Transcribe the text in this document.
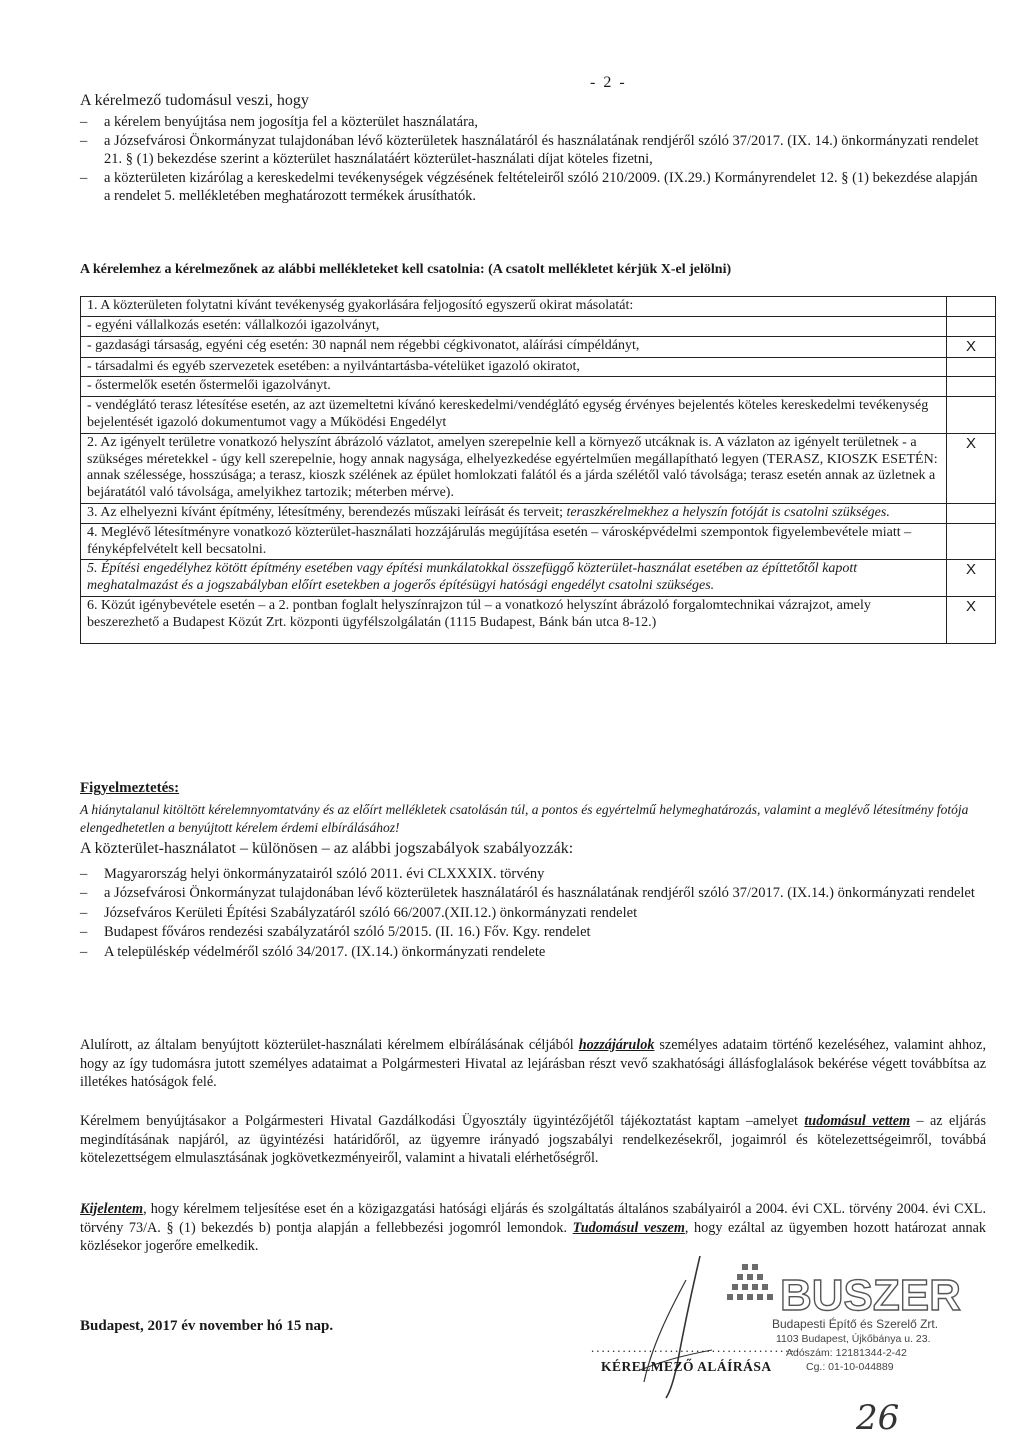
- 2 -
A kérelmező tudomásul veszi, hogy
– a kérelem benyújtása nem jogosítja fel a közterület használatára,
– a Józsefvárosi Önkormányzat tulajdonában lévő közterületek használatáról és használatának rendjéről szóló 37/2017. (IX. 14.) önkormányzati rendelet 21. § (1) bekezdése szerint a közterület használatáért közterület-használati díjat köteles fizetni,
– a közterületen kizárólag a kereskedelmi tevékenységek végzésének feltételeiről szóló 210/2009. (IX.29.) Kormányrendelet 12. § (1) bekezdése alapján a rendelet 5. mellékletében meghatározott termékek árusíthatók.
A kérelemhez a kérelmezőnek az alábbi mellékleteket kell csatolnia: (A csatolt mellékletet kérjük X-el jelölni)
1. A közterületen folytatni kívánt tevékenység gyakorlására feljogosító egyszerű okirat másolatát:	
- egyéni vállalkozás esetén: vállalkozói igazolványt,	
- gazdasági társaság, egyéni cég esetén: 30 napnál nem régebbi cégkivonatot, aláírási címpéldányt,	X
- társadalmi és egyéb szervezetek esetében: a nyilvántartásba-vételüket igazoló okiratot,	
- őstermelők esetén őstermelői igazolványt.	
- vendéglátó terasz létesítése esetén, az azt üzemeltetni kívánó kereskedelmi/vendéglátó egység érvényes bejelentés köteles kereskedelmi tevékenység bejelentését igazoló dokumentumot vagy a Működési Engedélyt	
2. Az igényelt területre vonatkozó helyszínt ábrázoló vázlatot, amelyen szerepelnie kell a környező utcáknak is. A vázlaton az igényelt területnek - a szükséges méretekkel - úgy kell szerepelnie, hogy annak nagysága, elhelyezkedése egyértelműen megállapítható legyen (TERASZ, KIOSZK ESETÉN: annak szélessége, hosszúsága; a terasz, kioszk szélének az épület homlokzati falától és a járda szélétől való távolsága; terasz esetén annak az üzletnek a bejáratától való távolsága, amelyikhez tartozik; méterben mérve).	X
3. Az elhelyezni kívánt építmény, létesítmény, berendezés műszaki leírását és terveit; teraszkérelmekhez a helyszín fotóját is csatolni szükséges.	
4. Meglévő létesítményre vonatkozó közterület-használati hozzájárulás megújítása esetén – városképvédelmi szempontok figyelembevétele miatt – fényképfelvételt kell becsatolni.	
5. Építési engedélyhez kötött építmény esetében vagy építési munkálatokkal összefüggő közterület-használat esetében az építtetőtől kapott meghatalmazást és a jogszabályban előírt esetekben a jogerős építésügyi hatósági engedélyt csatolni szükséges.	X
6. Közút igénybevétele esetén – a 2. pontban foglalt helyszínrajzon túl – a vonatkozó helyszínt ábrázoló forgalomtechnikai vázrajzot, amely beszerezhető a Budapest Közút Zrt. központi ügyfélszolgálatán (1115 Budapest, Bánk bán utca 8-12.)	X
Figyelmeztetés:
A hiánytalanul kitöltött kérelemnyomtatvány és az előírt mellékletek csatolásán túl, a pontos és egyértelmű helymeghatározás, valamint a meglévő létesítmény fotója elengedhetetlen a benyújtott kérelem érdemi elbírálásához!
A közterület-használatot – különösen – az alábbi jogszabályok szabályozzák:
– Magyarország helyi önkormányzatairól szóló 2011. évi CLXXXIX. törvény
– a Józsefvárosi Önkormányzat tulajdonában lévő közterületek használatáról és használatának rendjéről szóló 37/2017. (IX.14.) önkormányzati rendelet
– Józsefváros Kerületi Építési Szabályzatáról szóló 66/2007.(XII.12.) önkormányzati rendelet
– Budapest főváros rendezési szabályzatáról szóló 5/2015. (II. 16.) Főv. Kgy. rendelet
– A településkép védelméről szóló 34/2017. (IX.14.) önkormányzati rendelete
Alulírott, az általam benyújtott közterület-használati kérelmem elbírálásának céljából hozzájárulok személyes adataim történő kezeléséhez, valamint ahhoz, hogy az így tudomásra jutott személyes adataimat a Polgármesteri Hivatal az lejárásban részt vevő szakhatósági állásfoglalások bekérése végett továbbítsa az illetékes hatóságok felé.
Kérelmem benyújtásakor a Polgármesteri Hivatal Gazdálkodási Ügyosztály ügyintézőjétől tájékoztatást kaptam –amelyet tudomásul vettem – az eljárás megindításának napjáról, az ügyintézési határidőről, az ügyemre irányadó jogszabályi rendelkezésekről, jogaimról és kötelezettségeimről, továbbá kötelezettségem elmulasztásának jogkövetkezményeiről, valamint a hivatali elérhetőségről.
Kijelentem, hogy kérelmem teljesítése eset én a közigazgatási hatósági eljárás és szolgáltatás általános szabályairól a 2004. évi CXL. törvény 2004. évi CXL. törvény 73/A. § (1) bekezdés b) pontja alapján a fellebbezési jogomról lemondok. Tudomásul veszem, hogy ezáltal az ügyemben hozott határozat annak közlésekor jogerőre emelkedik.
Budapest, 2017 év november hó 15 nap.
BUSZER
Budapesti Építő és Szerelő Zrt.
1103 Budapest, Újkőbánya u. 23.
Adószám: 12181344-2-42
Cg.: 01-10-044889
........................................
KÉRELMEZŐ ALÁÍRÁSA
26
